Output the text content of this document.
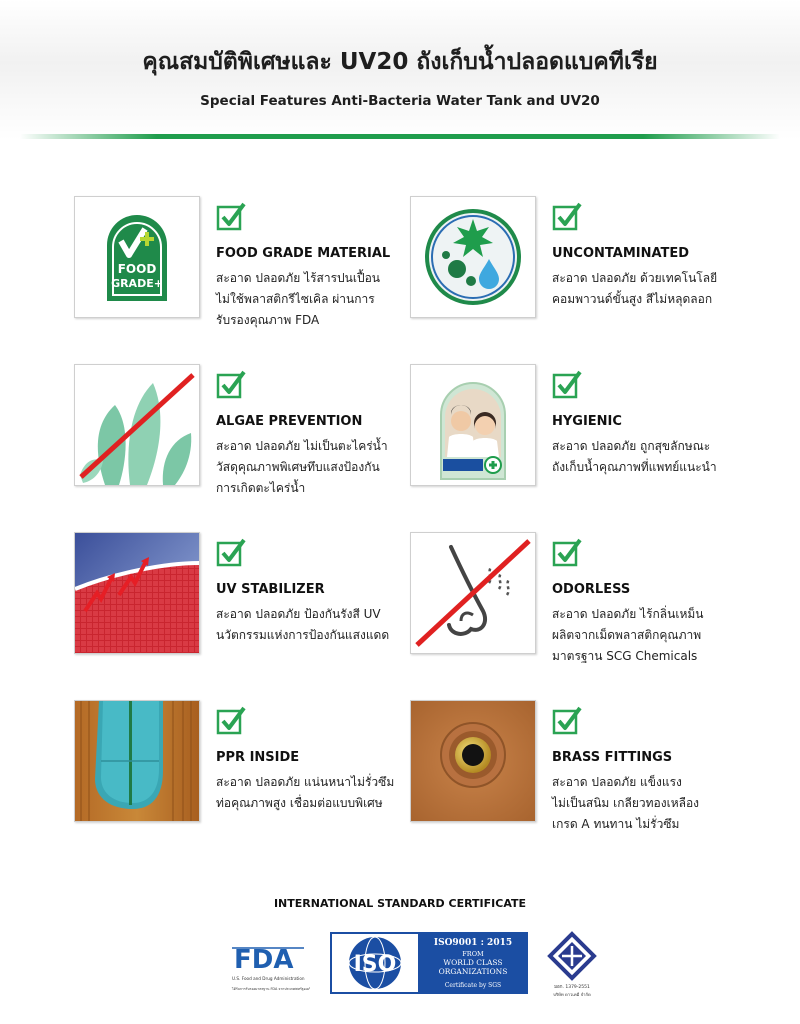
คุณสมบัติพิเศษและ UV20 ถังเก็บน้ำปลอดแบคทีเรีย
Special Features Anti-Bacteria Water Tank and UV20
FOOD
GRADE+
FOOD GRADE MATERIAL
สะอาด ปลอดภัย ไร้สารปนเปื้อน
ไม่ใช้พลาสติกรีไซเคิล ผ่านการ
รับรองคุณภาพ FDA
UNCONTAMINATED
สะอาด ปลอดภัย ด้วยเทคโนโลยี
คอมพาวนด์ขั้นสูง สีไม่หลุดลอก
ALGAE PREVENTION
สะอาด ปลอดภัย ไม่เป็นตะไคร่น้ำ
วัสดุคุณภาพพิเศษทึบแสงป้องกัน
การเกิดตะไคร่น้ำ
HYGIENIC
สะอาด ปลอดภัย ถูกสุขลักษณะ
ถังเก็บน้ำคุณภาพที่แพทย์แนะนำ
UV STABILIZER
สะอาด ปลอดภัย ป้องกันรังสี UV
นวัตกรรมแห่งการป้องกันแสงแดด
ODORLESS
สะอาด ปลอดภัย ไร้กลิ่นเหม็น
ผลิตจากเม็ดพลาสติกคุณภาพ
มาตรฐาน SCG Chemicals
PPR INSIDE
สะอาด ปลอดภัย แน่นหนาไม่รั่วซึม
ท่อคุณภาพสูง เชื่อมต่อแบบพิเศษ
BRASS FITTINGS
สะอาด ปลอดภัย แข็งแรง
ไม่เป็นสนิม เกลียวทองเหลือง
เกรด A ทนทาน ไม่รั่วซึม
INTERNATIONAL STANDARD CERTIFICATE
FDA
U.S. Food and Drug Administration
ได้รับการรับรองมาตรฐาน FDA จากประเทศสหรัฐอเมริกา
ISO
ISO9001 : 2015
FROM
WORLD CLASS
ORGANIZATIONS
Certificate by SGS	มอก. 1379-2551
บริษัท ดาวเคมี จำกัด
